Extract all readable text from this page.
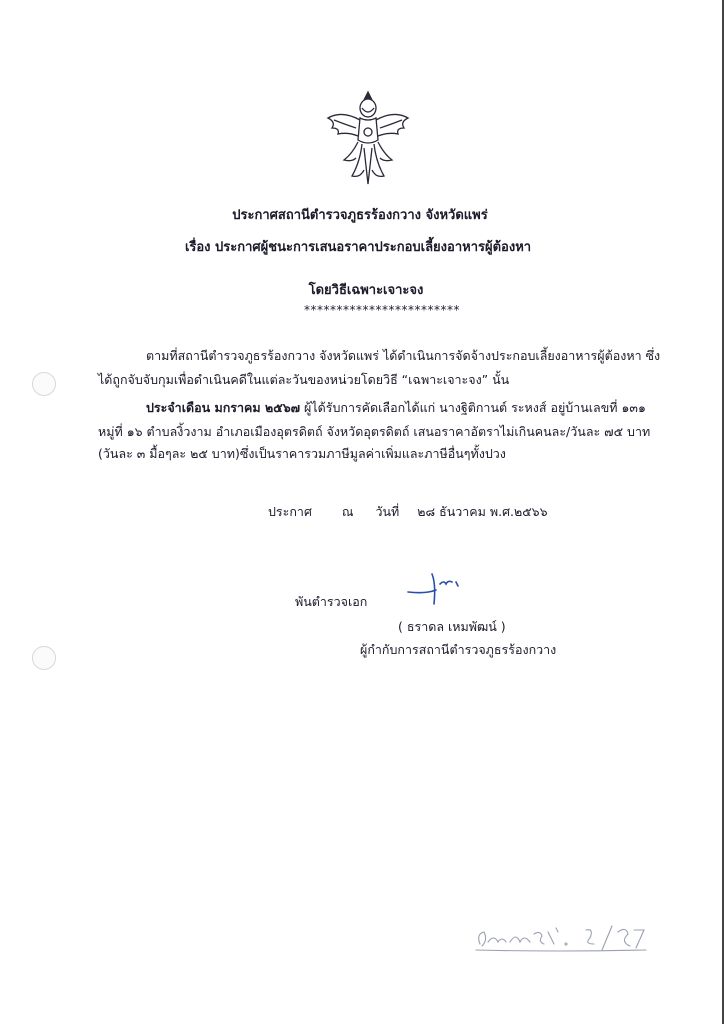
ประกาศสถานีตำรวจภูธรร้องกวาง จังหวัดแพร่
เรื่อง ประกาศผู้ชนะการเสนอราคาประกอบเลี้ยงอาหารผู้ต้องหา
โดยวิธีเฉพาะเจาะจง
************************
ตามที่สถานีตำรวจภูธรร้องกวาง จังหวัดแพร่ ได้ดำเนินการจัดจ้างประกอบเลี้ยงอาหารผู้ต้องหา ซึ่ง
ได้ถูกจับจับกุมเพื่อดำเนินคดีในแต่ละวันของหน่วยโดยวิธี “เฉพาะเจาะจง” นั้น
ประจำเดือน มกราคม ๒๕๖๗ ผู้ได้รับการคัดเลือกได้แก่ นางฐิติกานต์ ระหงส์ อยู่บ้านเลขที่ ๑๓๑
หมู่ที่ ๑๖ ตำบลงิ้วงาม อำเภอเมืองอุตรดิตถ์ จังหวัดอุตรดิตถ์ เสนอราคาอัตราไม่เกินคนละ/วันละ ๗๕ บาท
(วันละ ๓ มื้อๆละ ๒๕ บาท)ซึ่งเป็นราคารวมภาษีมูลค่าเพิ่มและภาษีอื่นๆทั้งปวง
ประกาศ ณ วันที่ ๒๘ ธันวาคม พ.ศ.๒๕๖๖
พันตำรวจเอก
( ธราดล เหมพัฒน์ )
ผู้กำกับการสถานีตำรวจภูธรร้องกวาง
